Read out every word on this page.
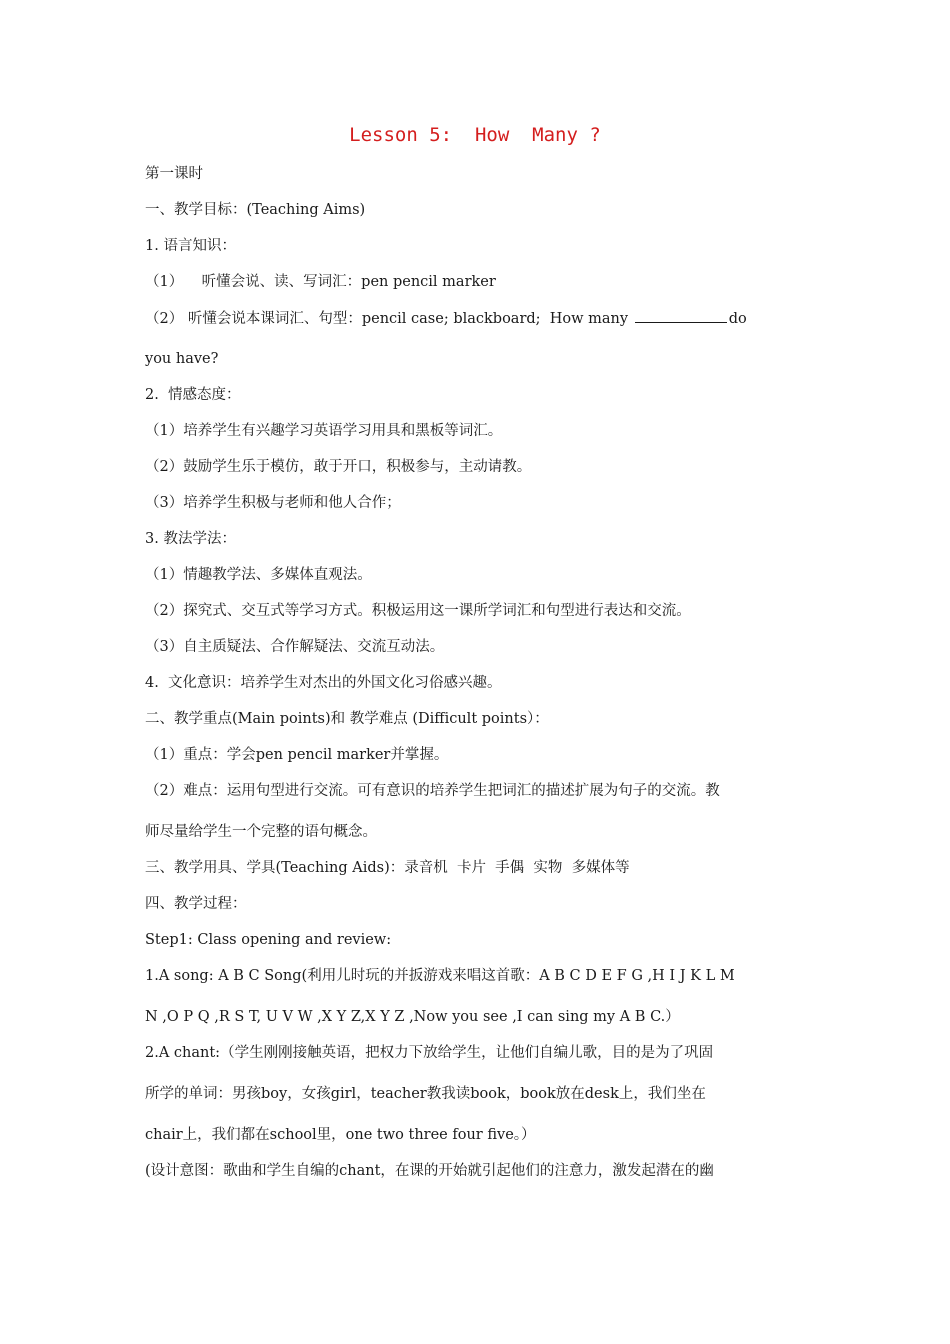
Lesson 5:  How  Many ?
第一课时
一、教学目标：(Teaching Aims)
1. 语言知识：
（1）    听懂会说、读、写词汇：pen pencil marker
（2） 听懂会说本课词汇、句型：pencil case; blackboard;  How many	do
you have?
2.  情感态度：
（1）培养学生有兴趣学习英语学习用具和黑板等词汇。
（2）鼓励学生乐于模仿，敢于开口，积极参与，主动请教。
（3）培养学生积极与老师和他人合作；
3. 教法学法：
（1）情趣教学法、多媒体直观法。
（2）探究式、交互式等学习方式。积极运用这一课所学词汇和句型进行表达和交流。
（3）自主质疑法、合作解疑法、交流互动法。
4.  文化意识：培养学生对杰出的外国文化习俗感兴趣。
二、教学重点(Main points)和 教学难点 (Difficult points）：
（1）重点：学会pen pencil marker并掌握。
（2）难点：运用句型进行交流。可有意识的培养学生把词汇的描述扩展为句子的交流。教
师尽量给学生一个完整的语句概念。
三、教学用具、学具(Teaching Aids)：录音机  卡片  手偶  实物  多媒体等
四、教学过程：
Step1: Class opening and review:
1.A song: A B C Song(利用儿时玩的并扳游戏来唱这首歌：A B C D E F G ,H I J K L M
N ,O P Q ,R S T, U V W ,X Y Z,X Y Z ,Now you see ,I can sing my A B C.）
2.A chant:（学生刚刚接触英语，把权力下放给学生，让他们自编儿歌，目的是为了巩固
所学的单词：男孩boy，女孩girl，teacher教我读book，book放在desk上，我们坐在
chair上，我们都在school里，one two three four five。）
(设计意图：歌曲和学生自编的chant，在课的开始就引起他们的注意力，激发起潜在的幽
